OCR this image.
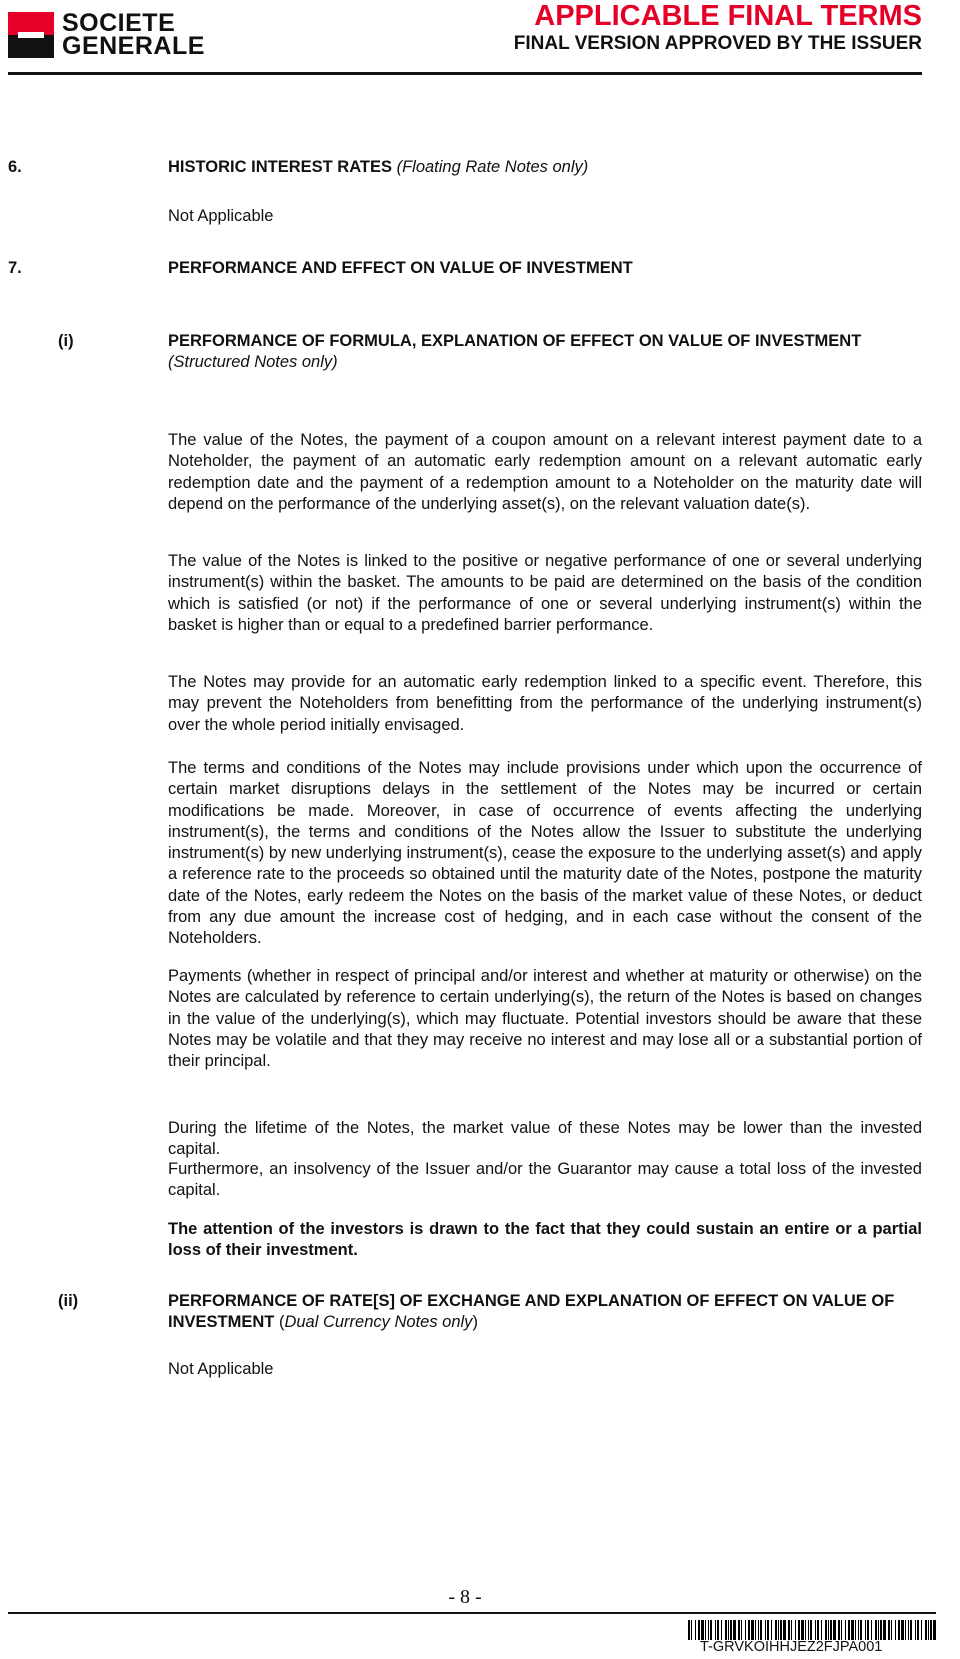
SOCIETE
GENERALE
APPLICABLE FINAL TERMS
FINAL VERSION APPROVED BY THE ISSUER
6.	HISTORIC INTEREST RATES (Floating Rate Notes only)
Not Applicable
7.	PERFORMANCE AND EFFECT ON VALUE OF INVESTMENT
(i)	PERFORMANCE OF FORMULA, EXPLANATION OF EFFECT ON VALUE OF INVESTMENT (Structured Notes only)

The value of the Notes, the payment of a coupon amount on a relevant interest payment date to a Noteholder, the payment of an automatic early redemption amount on a relevant automatic early redemption date and the payment of a redemption amount to a Noteholder on the maturity date will depend on the performance of the underlying asset(s), on the relevant valuation date(s).

The value of the Notes is linked to the positive or negative performance of one or several underlying instrument(s) within the basket. The amounts to be paid are determined on the basis of the condition which is satisfied (or not) if the performance of one or several underlying instrument(s) within the basket is higher than or equal to a predefined barrier performance.

The Notes may provide for an automatic early redemption linked to a specific event. Therefore, this may prevent the Noteholders from benefitting from the performance of the underlying instrument(s) over the whole period initially envisaged.

The terms and conditions of the Notes may include provisions under which upon the occurrence of certain market disruptions delays in the settlement of the Notes may be incurred or certain modifications be made. Moreover, in case of occurrence of events affecting the underlying instrument(s), the terms and conditions of the Notes allow the Issuer to substitute the underlying instrument(s) by new underlying instrument(s), cease the exposure to the underlying asset(s) and apply a reference rate to the proceeds so obtained until the maturity date of the Notes, postpone the maturity date of the Notes, early redeem the Notes on the basis of the market value of these Notes, or deduct from any due amount the increase cost of hedging, and in each case without the consent of the Noteholders.

Payments (whether in respect of principal and/or interest and whether at maturity or otherwise) on the Notes are calculated by reference to certain underlying(s), the return of the Notes is based on changes in the value of the underlying(s), which may fluctuate. Potential investors should be aware that these Notes may be volatile and that they may receive no interest and may lose all or a substantial portion of their principal.

During the lifetime of the Notes, the market value of these Notes may be lower than the invested capital.

Furthermore, an insolvency of the Issuer and/or the Guarantor may cause a total loss of the invested capital.

The attention of the investors is drawn to the fact that they could sustain an entire or a partial loss of their investment.

(ii)	PERFORMANCE OF RATE[S] OF EXCHANGE AND EXPLANATION OF EFFECT ON VALUE OF INVESTMENT (Dual Currency Notes only)
Not Applicable
- 8 -
T-GRVKOIHHJEZ2FJPA001
